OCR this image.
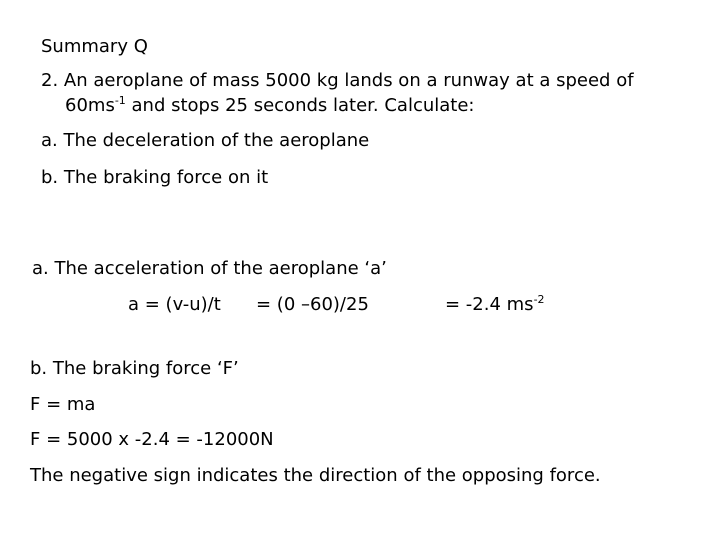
Summary Q
2. An aeroplane of mass 5000 kg lands on a runway at a speed of
$60ms^{-1}$ and stops 25 seconds later. Calculate:
a. The deceleration of the aeroplane
b. The braking force on it
a. The acceleration of the aeroplane ‘a’
a = (v-u)/t = (0 –60)/25	= -2.4 $ms^{-2}$
b. The braking force ‘F’
F = ma
F = 5000 x -2.4 = -12000N
The negative sign indicates the direction of the opposing force.
